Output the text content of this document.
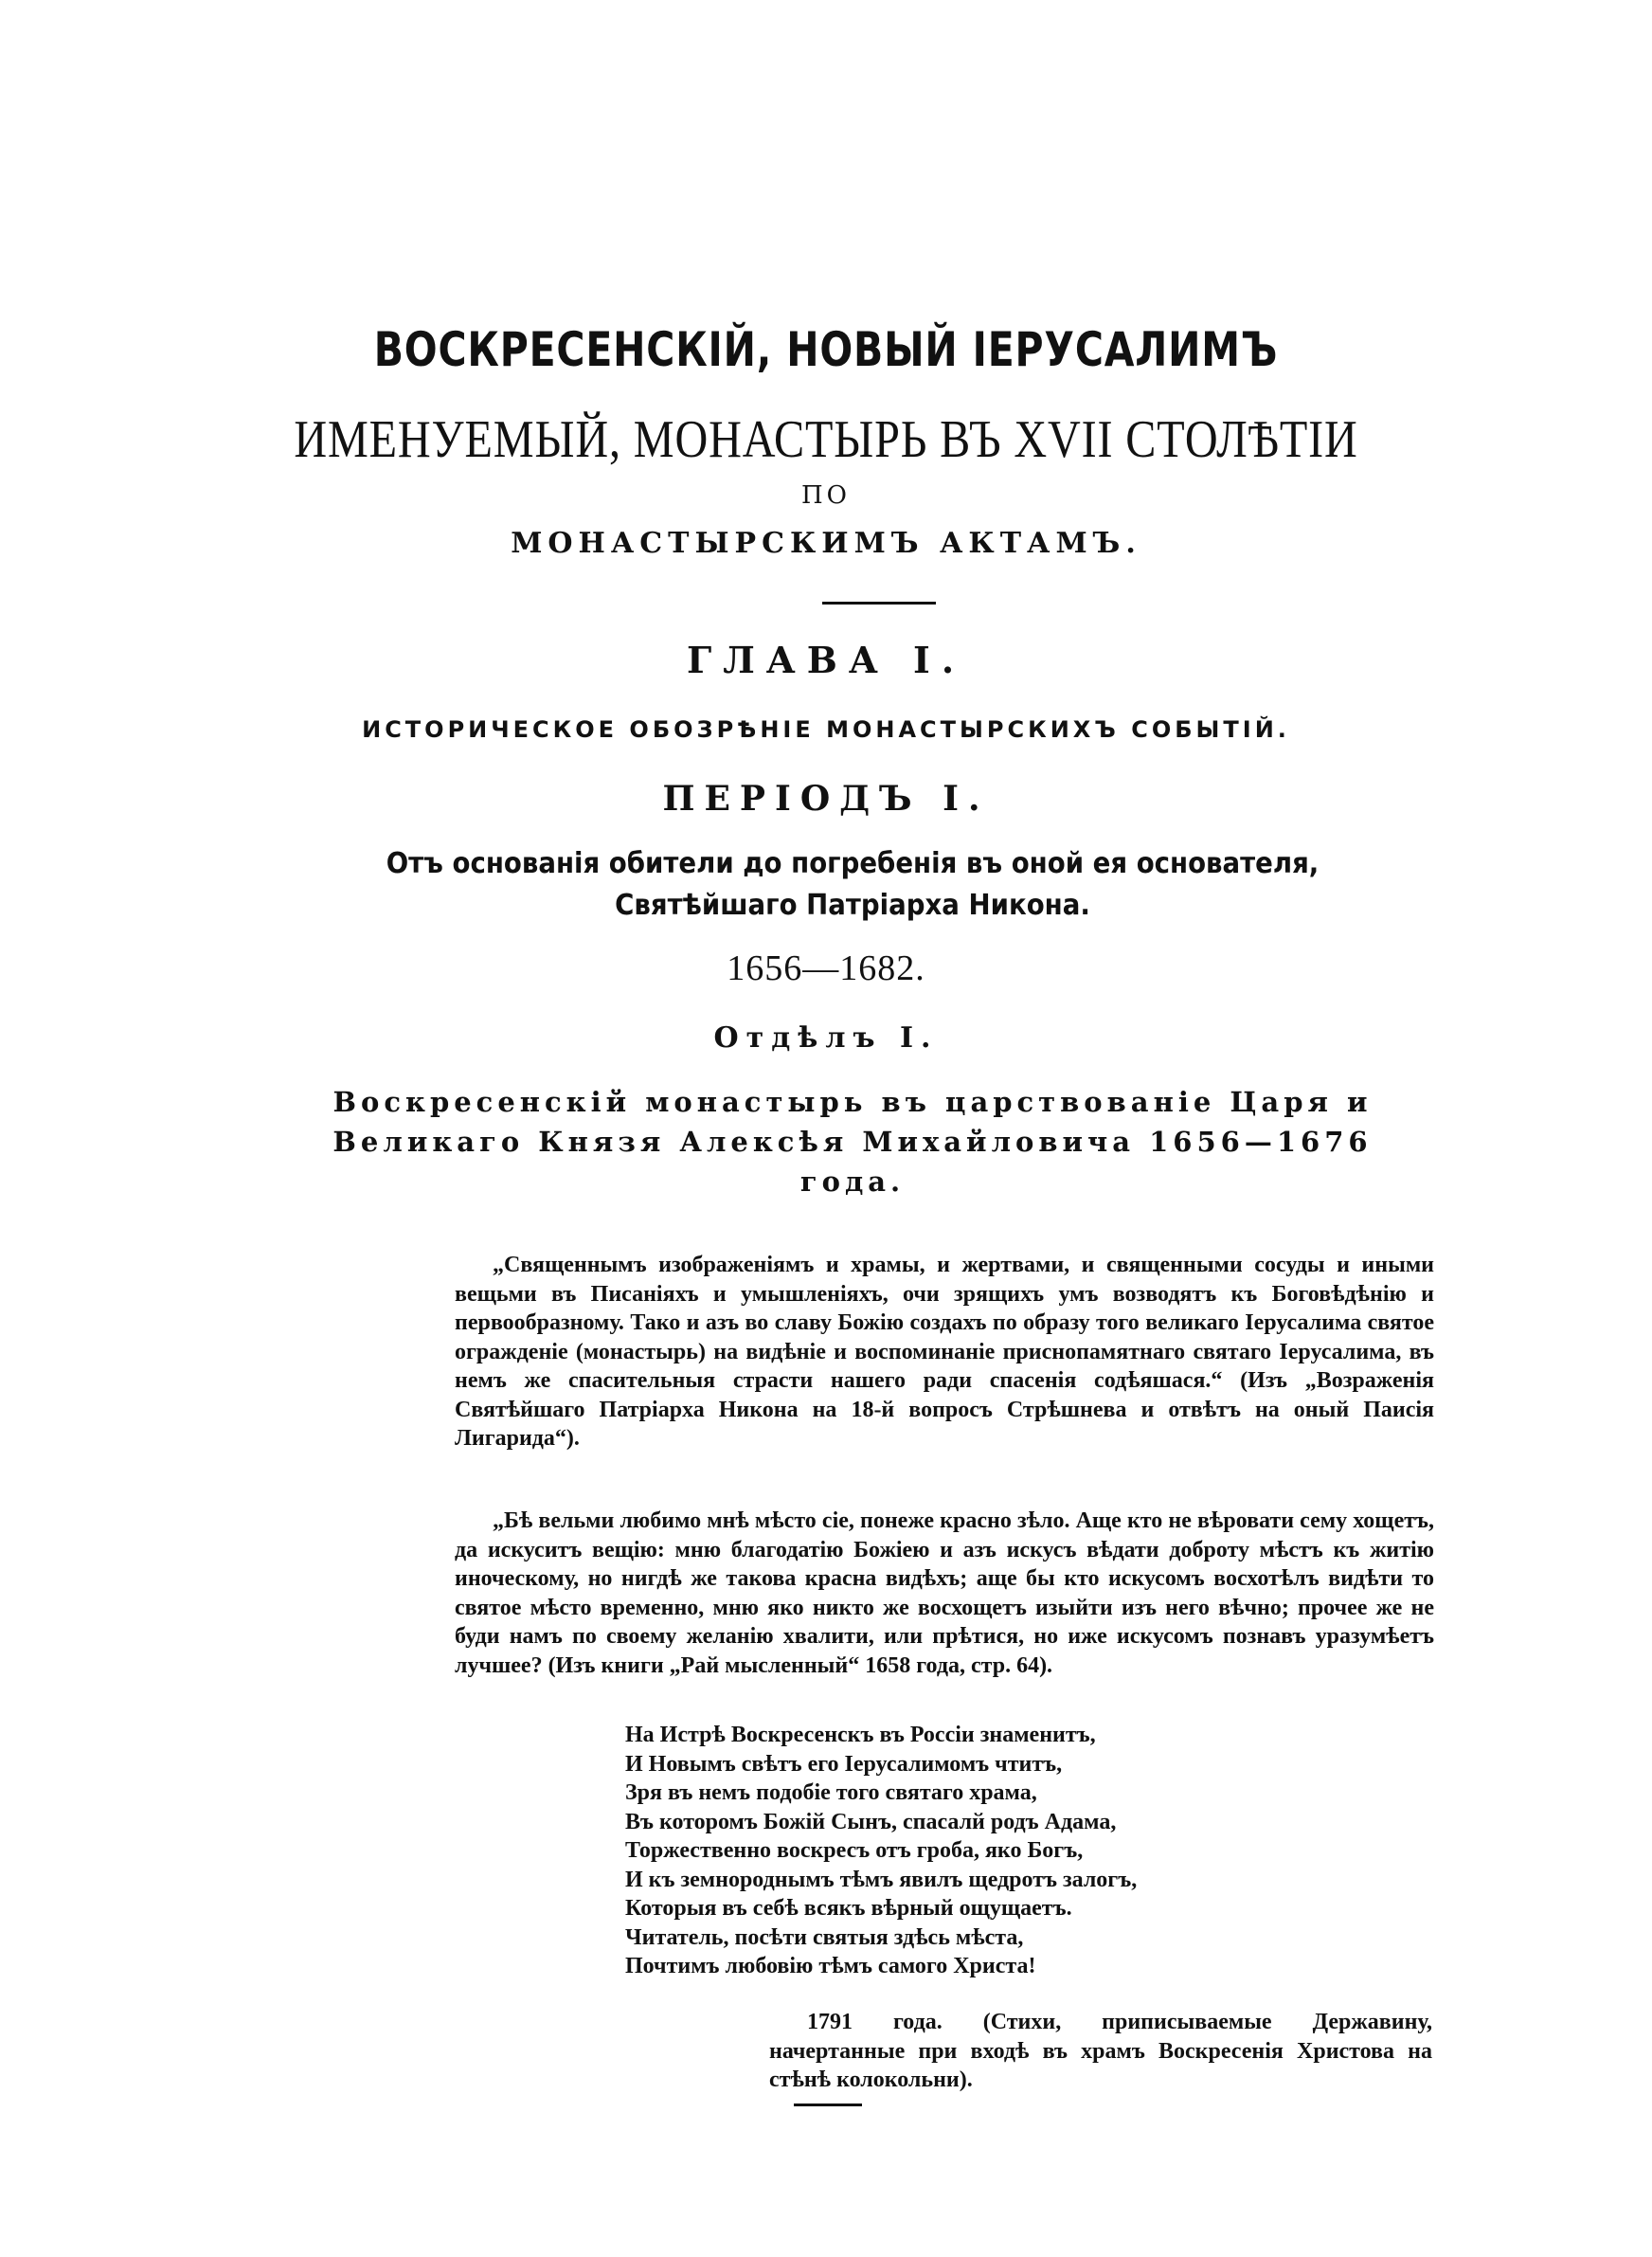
ВОСКРЕСЕНСКІЙ, НОВЫЙ ІЕРУСАЛИМЪ
ИМЕНУЕМЫЙ, МОНАСТЫРЬ ВЪ XVII СТОЛѢТІИ
ПО
МОНАСТЫРСКИМЪ АКТАМЪ.
ГЛАВА I.
ИСТОРИЧЕСКОЕ ОБОЗРѢНІЕ МОНАСТЫРСКИХЪ СОБЫТІЙ.
ПЕРІОДЪ I.
Отъ основанія обители до погребенія въ оной ея основателя, Святѣйшаго Патріарха Никона.
1656—1682.
Отдѣлъ I.
Воскресенскій монастырь въ царствованіе Царя и Великаго Князя Алексѣя Михайловича 1656—1676 года.

„Священнымъ изображеніямъ и храмы, и жертвами, и священными сосуды и иными вещьми въ Писаніяхъ и умышленіяхъ, очи зрящихъ умъ возводятъ къ Боговѣдѣнію и первообразному. Тако и азъ во славу Божію создахъ по образу того великаго Іерусалима святое огражденіе (монастырь) на видѣніе и воспоминаніе приснопамятнаго святаго Іерусалима, въ немъ же спасительныя страсти нашего ради спасенія содѣяшася.“ (Изъ „Возраженія Святѣйшаго Патріарха Никона на 18-й вопросъ Стрѣшнева и отвѣтъ на оный Паисія Лигарида“).

„Бѣ вельми любимо мнѣ мѣсто сіе, понеже красно зѣло. Аще кто не вѣровати сему хощетъ, да искуситъ вещію: мню благодатію Божіею и азъ искусъ вѣдати доброту мѣстъ къ житію иноческому, но нигдѣ же такова красна видѣхъ; аще бы кто искусомъ восхотѣлъ видѣти то святое мѣсто временно, мню яко никто же восхощетъ изыйти изъ него вѣчно; прочее же не буди намъ по своему желанію хвалити, или прѣтися, но иже искусомъ познавъ уразумѣетъ лучшее? (Изъ книги „Рай мысленный“ 1658 года, стр. 64).

На Истрѣ Воскресенскъ въ Россіи знаменитъ,
И Новымъ свѣтъ его Іерусалимомъ чтитъ,
Зря въ немъ подобіе того святаго храма,
Въ которомъ Божій Сынъ, спасалй родъ Адама,
Торжественно воскресъ отъ гроба, яко Богъ,
И къ земнороднымъ тѣмъ явилъ щедротъ залогъ,
Которыя въ себѣ всякъ вѣрный ощущаетъ.
Читатель, посѣти святыя здѣсь мѣста,
Почтимъ любовію тѣмъ самого Христа!

1791 года. (Стихи, приписываемые Державину, начертанные при входѣ въ храмъ Воскресенія Христова на стѣнѣ колокольни).
